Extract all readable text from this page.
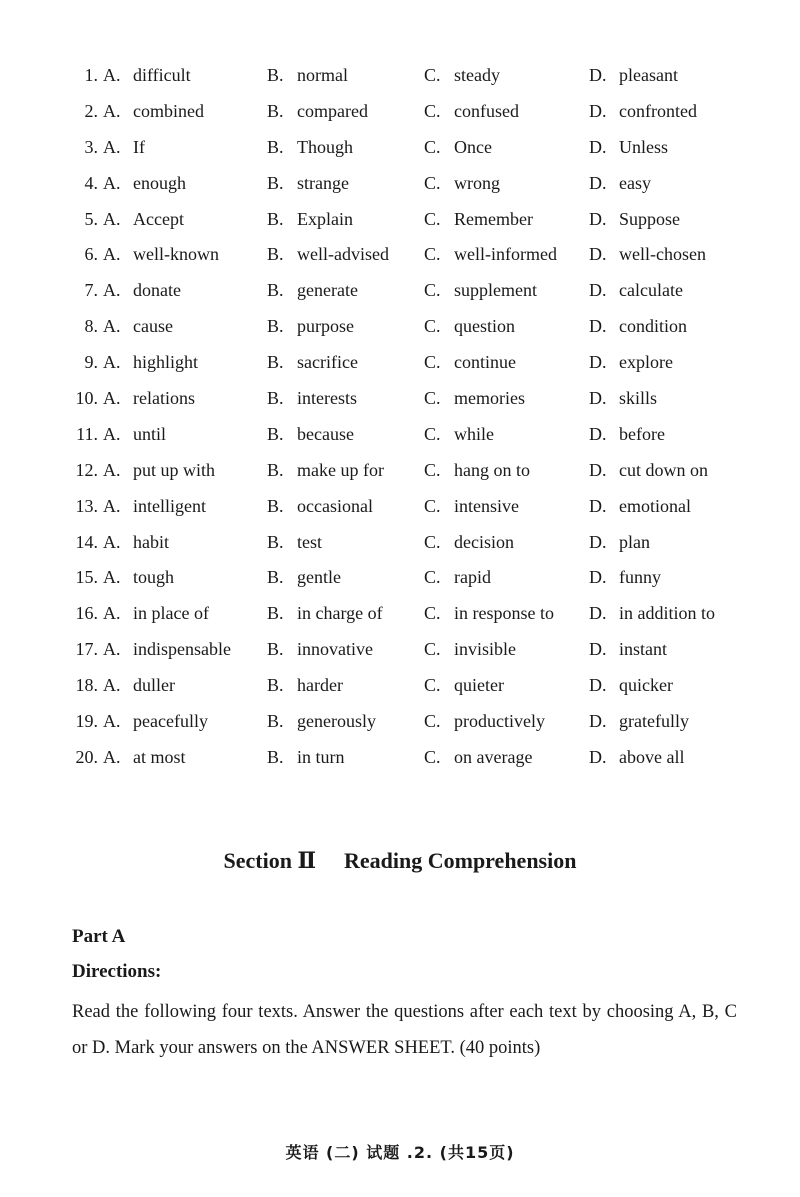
1. A. difficult	B. normal	C. steady	D. pleasant
2. A. combined	B. compared	C. confused	D. confronted
3. A. If	B. Though	C. Once	D. Unless
4. A. enough	B. strange	C. wrong	D. easy
5. A. Accept	B. Explain	C. Remember	D. Suppose
6. A. well-known	B. well-advised C. well-informed D. well-chosen
7. A. donate	B. generate	C. supplement	D. calculate
8. A. cause	B. purpose	C. question	D. condition
9. A. highlight	B. sacrifice	C. continue	D. explore
10. A. relations	B. interests	C. memories	D. skills
11. A. until	B. because	C. while	D. before
12. A. put up with	B. make up for C. hang on to	D. cut down on
13. A. intelligent	B. occasional	C. intensive	D. emotional
14. A. habit	B. test	C. decision	D. plan
15. A. tough	B. gentle	C. rapid	D. funny
16. A. in place of	B. in charge of C. in response to D. in addition to
17. A. indispensable B. innovative	C. invisible	D. instant
18. A. duller	B. harder	C. quieter	D. quicker
19. A. peacefully	B. generously	C. productively D. gratefully
20. A. at most	B. in turn	C. on average	D. above all
Section Ⅱ Reading Comprehension
Part A
Directions:
Read the following four texts. Answer the questions after each text by choosing A, B, C or D. Mark your answers on the ANSWER SHEET. (40 points)
英语 (二) 试题 .2. (共15页)
